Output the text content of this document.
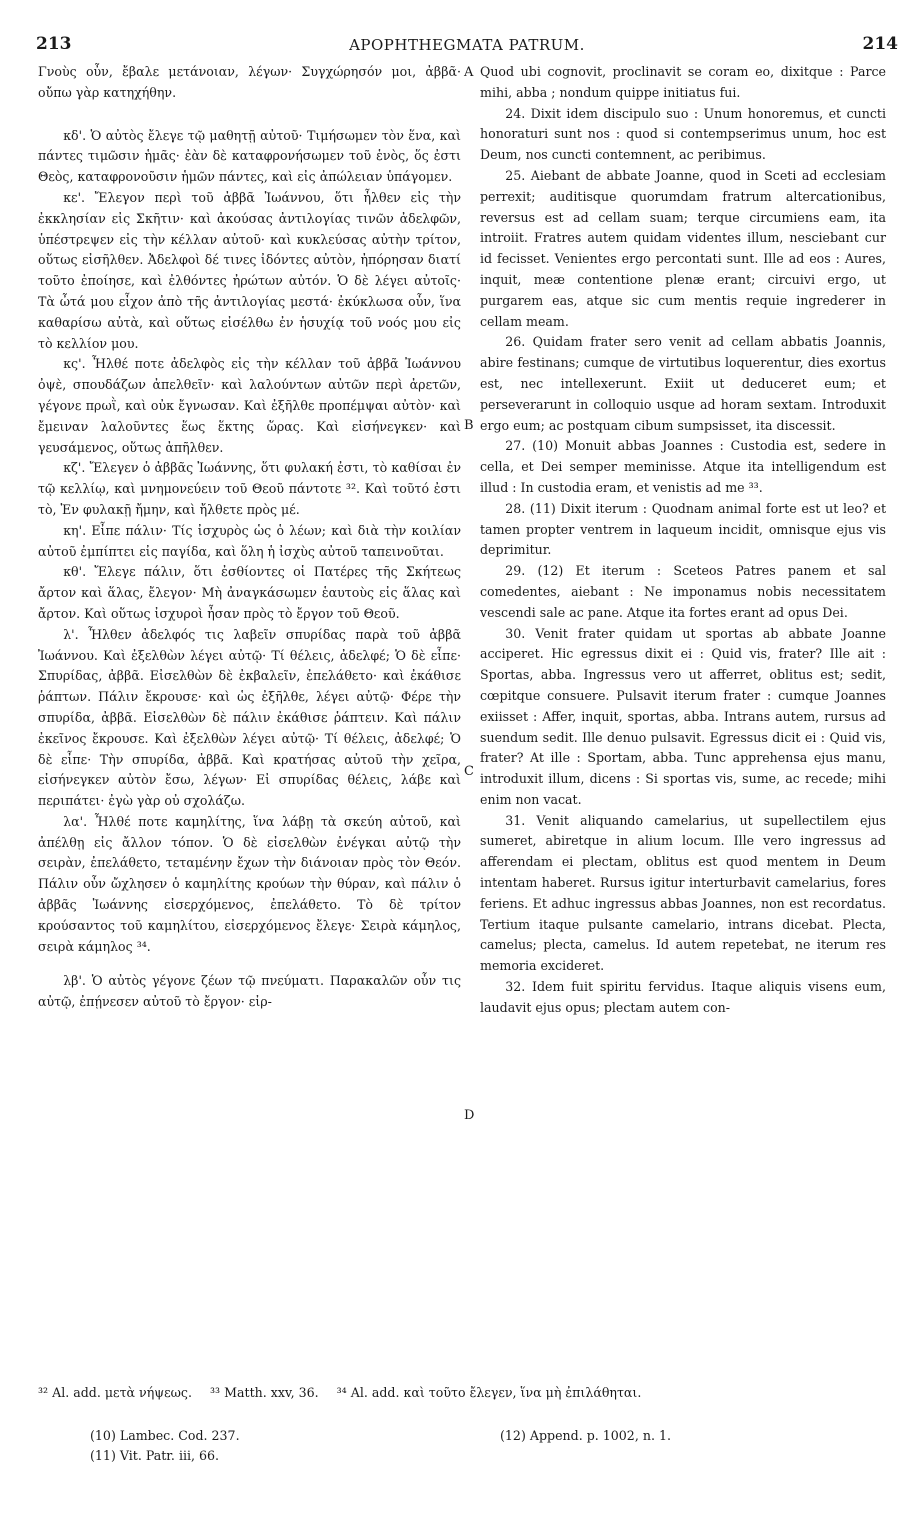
213	APOPHTHEGMATA PATRUM.	214

Γνοὺς οὖν, ἔβαλε μετάνοιαν, λέγων· Συγχώρησόν μοι, ἀββᾶ· οὔπω γὰρ κατηχήθην.

κδ'. Ὁ αὐτὸς ἔλεγε τῷ μαθητῇ αὐτοῦ· Τιμήσωμεν τὸν ἕνα, καὶ πάντες τιμῶσιν ἡμᾶς· ἐὰν δὲ καταφρονήσωμεν τοῦ ἑνὸς, ὅς ἐστι Θεὸς, καταφρονοῦσιν ἡμῶν πάντες, καὶ εἰς ἀπώλειαν ὑπάγομεν.

κε'. Ἔλεγον περὶ τοῦ ἀββᾶ Ἰωάννου, ὅτι ἦλθεν εἰς τὴν ἐκκλησίαν εἰς Σκῆτιν· καὶ ἀκούσας ἀντιλογίας τινῶν ἀδελφῶν, ὑπέστρεψεν εἰς τὴν κέλλαν αὐτοῦ· καὶ κυκλεύσας αὐτὴν τρίτον, οὕτως εἰσῆλθεν. Ἀδελφοὶ δέ τινες ἰδόντες αὐτὸν, ἠπόρησαν διατί τοῦτο ἐποίησε, καὶ ἐλθόντες ἠρώτων αὐτόν. Ὁ δὲ λέγει αὐτοῖς· Τὰ ὦτά μου εἶχον ἀπὸ τῆς ἀντιλογίας μεστά· ἐκύκλωσα οὖν, ἵνα καθαρίσω αὐτὰ, καὶ οὕτως εἰσέλθω ἐν ἡσυχίᾳ τοῦ νοός μου εἰς τὸ κελλίον μου.

κς'. Ἦλθέ ποτε ἀδελφὸς εἰς τὴν κέλλαν τοῦ ἀββᾶ Ἰωάννου ὀψὲ, σπουδάζων ἀπελθεῖν· καὶ λαλούντων αὐτῶν περὶ ἀρετῶν, γέγονε πρωῒ, καὶ οὐκ ἔγνωσαν. Καὶ ἐξῆλθε προπέμψαι αὐτὸν· καὶ ἔμειναν λαλοῦντες ἕως ἕκτης ὥρας. Καὶ εἰσήνεγκεν· καὶ γευσάμενος, οὕτως ἀπῆλθεν.

κζ'. Ἔλεγεν ὁ ἀββᾶς Ἰωάννης, ὅτι φυλακή ἐστι, τὸ καθίσαι ἐν τῷ κελλίῳ, καὶ μνημονεύειν τοῦ Θεοῦ πάντοτε ³². Καὶ τοῦτό ἐστι τὸ, Ἐν φυλακῇ ἤμην, καὶ ἤλθετε πρὸς μέ.

κη'. Εἶπε πάλιν· Τίς ἰσχυρὸς ὡς ὁ λέων; καὶ διὰ τὴν κοιλίαν αὐτοῦ ἐμπίπτει εἰς παγίδα, καὶ ὅλη ἡ ἰσχὺς αὐτοῦ ταπεινοῦται.

κθ'. Ἔλεγε πάλιν, ὅτι ἐσθίοντες οἱ Πατέρες τῆς Σκήτεως ἄρτον καὶ ἅλας, ἔλεγον· Μὴ ἀναγκάσωμεν ἑαυτοὺς εἰς ἅλας καὶ ἄρτον. Καὶ οὕτως ἰσχυροὶ ἦσαν πρὸς τὸ ἔργον τοῦ Θεοῦ.

λ'. Ἦλθεν ἀδελφός τις λαβεῖν σπυρίδας παρὰ τοῦ ἀββᾶ Ἰωάννου. Καὶ ἐξελθὼν λέγει αὐτῷ· Τί θέλεις, ἀδελφέ; Ὁ δὲ εἶπε· Σπυρίδας, ἀββᾶ. Εἰσελθὼν δὲ ἐκβαλεῖν, ἐπελάθετο· καὶ ἐκάθισε ῥάπτων. Πάλιν ἔκρουσε· καὶ ὡς ἐξῆλθε, λέγει αὐτῷ· Φέρε τὴν σπυρίδα, ἀββᾶ. Εἰσελθὼν δὲ πάλιν ἐκάθισε ῥάπτειν. Καὶ πάλιν ἐκεῖνος ἔκρουσε. Καὶ ἐξελθὼν λέγει αὐτῷ· Τί θέλεις, ἀδελφέ; Ὁ δὲ εἶπε· Τὴν σπυρίδα, ἀββᾶ. Καὶ κρατήσας αὐτοῦ τὴν χεῖρα, εἰσήνεγκεν αὐτὸν ἔσω, λέγων· Εἰ σπυρίδας θέλεις, λάβε καὶ περιπάτει· ἐγὼ γὰρ οὐ σχολάζω.

λα'. Ἦλθέ ποτε καμηλίτης, ἵνα λάβῃ τὰ σκεύη αὐτοῦ, καὶ ἀπέλθῃ εἰς ἄλλον τόπον. Ὁ δὲ εἰσελθὼν ἐνέγκαι αὐτῷ τὴν σειρὰν, ἐπελάθετο, τεταμένην ἔχων τὴν διάνοιαν πρὸς τὸν Θεόν. Πάλιν οὖν ὤχλησεν ὁ καμηλίτης κρούων τὴν θύραν, καὶ πάλιν ὁ ἀββᾶς Ἰωάννης εἰσερχόμενος, ἐπελάθετο. Τὸ δὲ τρίτον κρούσαντος τοῦ καμηλίτου, εἰσερχόμενος ἔλεγε· Σειρὰ κάμηλος, σειρὰ κάμηλος ³⁴.

λβ'. Ὁ αὐτὸς γέγονε ζέων τῷ πνεύματι. Παρακαλῶν οὖν τις αὐτῷ, ἐπῄνεσεν αὐτοῦ τὸ ἔργον· εἰρ-

Quod ubi cognovit, proclinavit se coram eo, dixitque : Parce mihi, abba ; nondum quippe initiatus fui.

24. Dixit idem discipulo suo : Unum honoremus, et cuncti honoraturi sunt nos : quod si contempserimus unum, hoc est Deum, nos cuncti contemnent, ac peribimus.

25. Aiebant de abbate Joanne, quod in Sceti ad ecclesiam perrexit; auditisque quorumdam fratrum altercationibus, reversus est ad cellam suam; terque circumiens eam, ita introiit. Fratres autem quidam videntes illum, nesciebant cur id fecisset. Venientes ergo percontati sunt. Ille ad eos : Aures, inquit, meæ contentione plenæ erant; circuivi ergo, ut purgarem eas, atque sic cum mentis requie ingrederer in cellam meam.

26. Quidam frater sero venit ad cellam abbatis Joannis, abire festinans; cumque de virtutibus loquerentur, dies exortus est, nec intellexerunt. Exiit ut deduceret eum; et perseverarunt in colloquio usque ad horam sextam. Introduxit ergo eum; ac postquam cibum sumpsisset, ita discessit.

27. (10) Monuit abbas Joannes : Custodia est, sedere in cella, et Dei semper meminisse. Atque ita intelligendum est illud : In custodia eram, et venistis ad me ³³.

28. (11) Dixit iterum : Quodnam animal forte est ut leo? et tamen propter ventrem in laqueum incidit, omnisque ejus vis deprimitur.

29. (12) Et iterum : Sceteos Patres panem et sal comedentes, aiebant : Ne imponamus nobis necessitatem vescendi sale ac pane. Atque ita fortes erant ad opus Dei.

30. Venit frater quidam ut sportas ab abbate Joanne acciperet. Hic egressus dixit ei : Quid vis, frater? Ille ait : Sportas, abba. Ingressus vero ut afferret, oblitus est; sedit, cœpitque consuere. Pulsavit iterum frater : cumque Joannes exiisset : Affer, inquit, sportas, abba. Intrans autem, rursus ad suendum sedit. Ille denuo pulsavit. Egressus dicit ei : Quid vis, frater? At ille : Sportam, abba. Tunc apprehensa ejus manu, introduxit illum, dicens : Si sportas vis, sume, ac recede; mihi enim non vacat.

31. Venit aliquando camelarius, ut supellectilem ejus sumeret, abiretque in alium locum. Ille vero ingressus ad afferendam ei plectam, oblitus est quod mentem in Deum intentam haberet. Rursus igitur interturbavit camelarius, fores feriens. Et adhuc ingressus abbas Joannes, non est recordatus. Tertium itaque pulsante camelario, intrans dicebat. Plecta, camelus; plecta, camelus. Id autem repetebat, ne iterum res memoria excideret.

32. Idem fuit spiritu fervidus. Itaque aliquis visens eum, laudavit ejus opus; plectam autem con-

A
B
C
D
³² Al. add. μετὰ νήψεως. ³³ Matth. xxv, 36. ³⁴ Al. add. καὶ τοῦτο ἔλεγεν, ἵνα μὴ ἐπιλάθηται.
(10) Lambec. Cod. 237.
(11) Vit. Patr. iii, 66.
(12) Append. p. 1002, n. 1.
